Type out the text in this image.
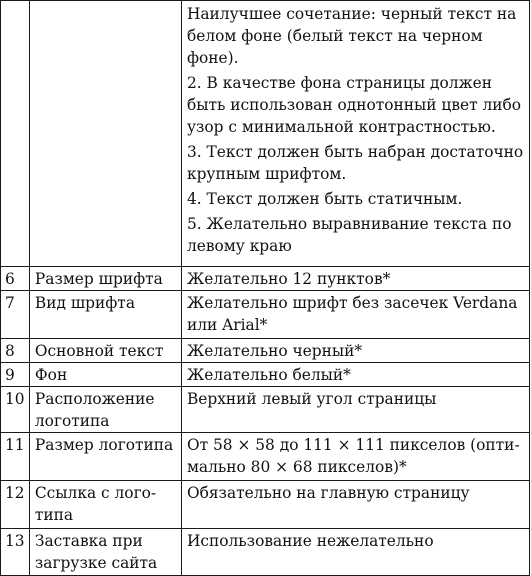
		Наилучшее сочетание: черный текст на белом фоне (белый текст на черном фоне).

2. В качестве фона страницы должен быть использован однотонный цвет либо узор с минимальной контрастностью.

3. Текст должен быть набран достаточно крупным шрифтом.

4. Текст должен быть статичным.

5. Желательно выравнивание текста по левому краю

6	Размер шрифта	Желательно 12 пунктов*
7	Вид шрифта	Желательно шрифт без засечек Verdana или Arial*
8	Основной текст	Желательно черный*
9	Фон	Желательно белый*
10	Расположение логотипа	Верхний левый угол страницы
11	Размер логотипа	От 58 × 58 до 111 × 111 пикселов (опти-мально 80 × 68 пикселов)*
12	Ссылка с лого-типа	Обязательно на главную страницу
13	Заставка при загрузке сайта	Использование нежелательно
